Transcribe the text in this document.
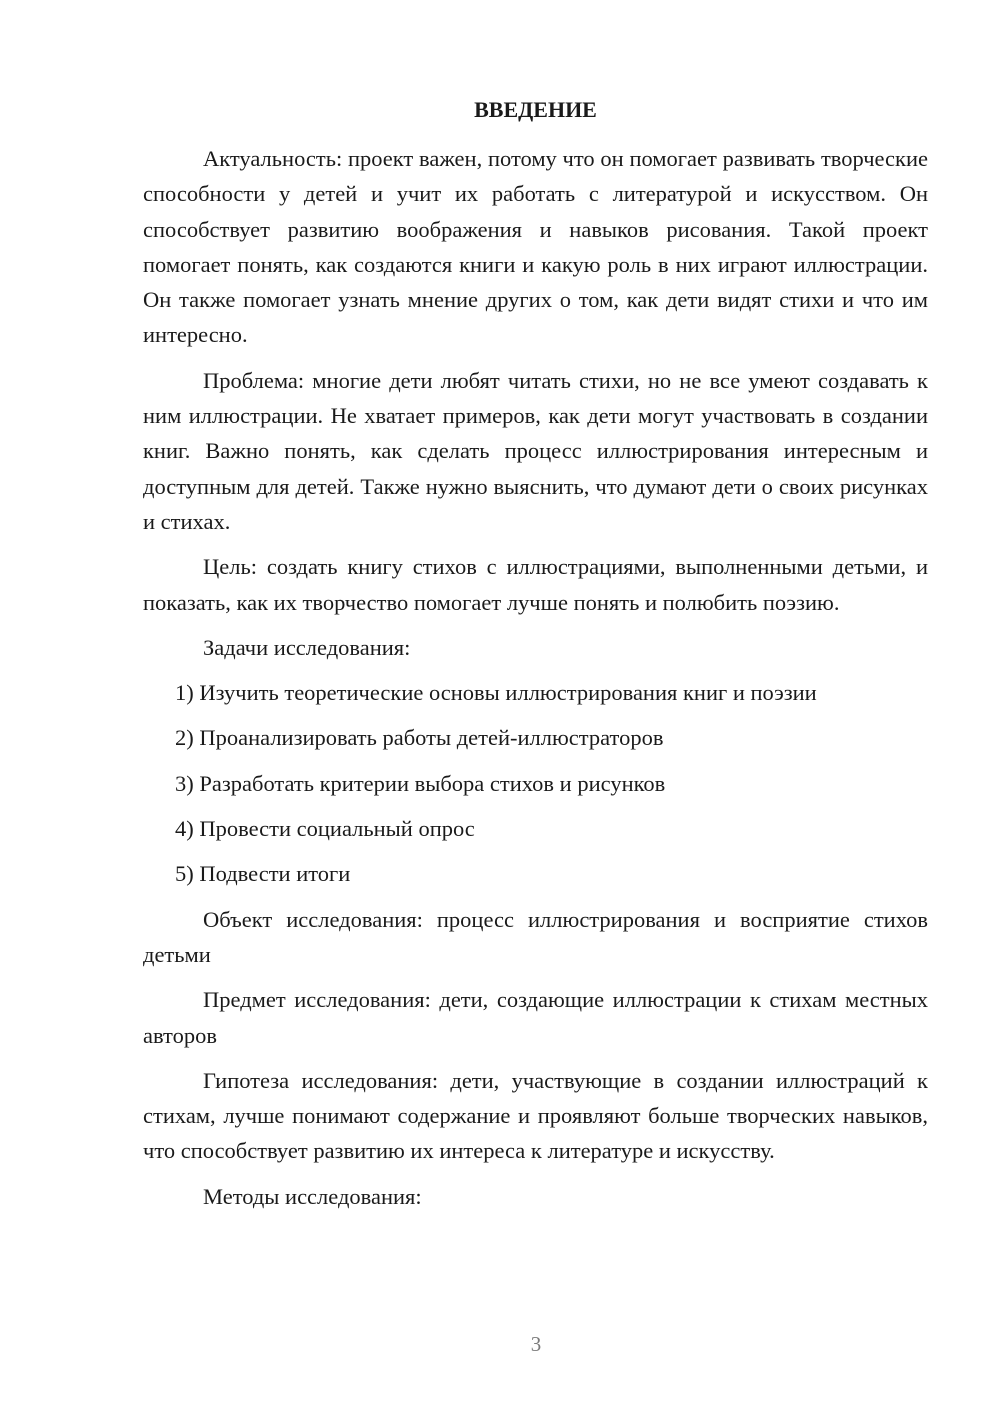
ВВЕДЕНИЕ

Актуальность: проект важен, потому что он помогает развивать творческие способности у детей и учит их работать с литературой и искусством. Он способствует развитию воображения и навыков рисования. Такой проект помогает понять, как создаются книги и какую роль в них играют иллюстрации. Он также помогает узнать мнение других о том, как дети видят стихи и что им интересно.

Проблема: многие дети любят читать стихи, но не все умеют создавать к ним иллюстрации. Не хватает примеров, как дети могут участвовать в создании книг. Важно понять, как сделать процесс иллюстрирования интересным и доступным для детей. Также нужно выяснить, что думают дети о своих рисунках и стихах.

Цель: создать книгу стихов с иллюстрациями, выполненными детьми, и показать, как их творчество помогает лучше понять и полюбить поэзию.

Задачи исследования:

1) Изучить теоретические основы иллюстрирования книг и поэзии

2) Проанализировать работы детей-иллюстраторов

3) Разработать критерии выбора стихов и рисунков

4) Провести социальный опрос

5) Подвести итоги

Объект исследования: процесс иллюстрирования и восприятие стихов детьми

Предмет исследования: дети, создающие иллюстрации к стихам местных авторов

Гипотеза исследования: дети, участвующие в создании иллюстраций к стихам, лучше понимают содержание и проявляют больше творческих навыков, что способствует развитию их интереса к литературе и искусству.

Методы исследования:

3
